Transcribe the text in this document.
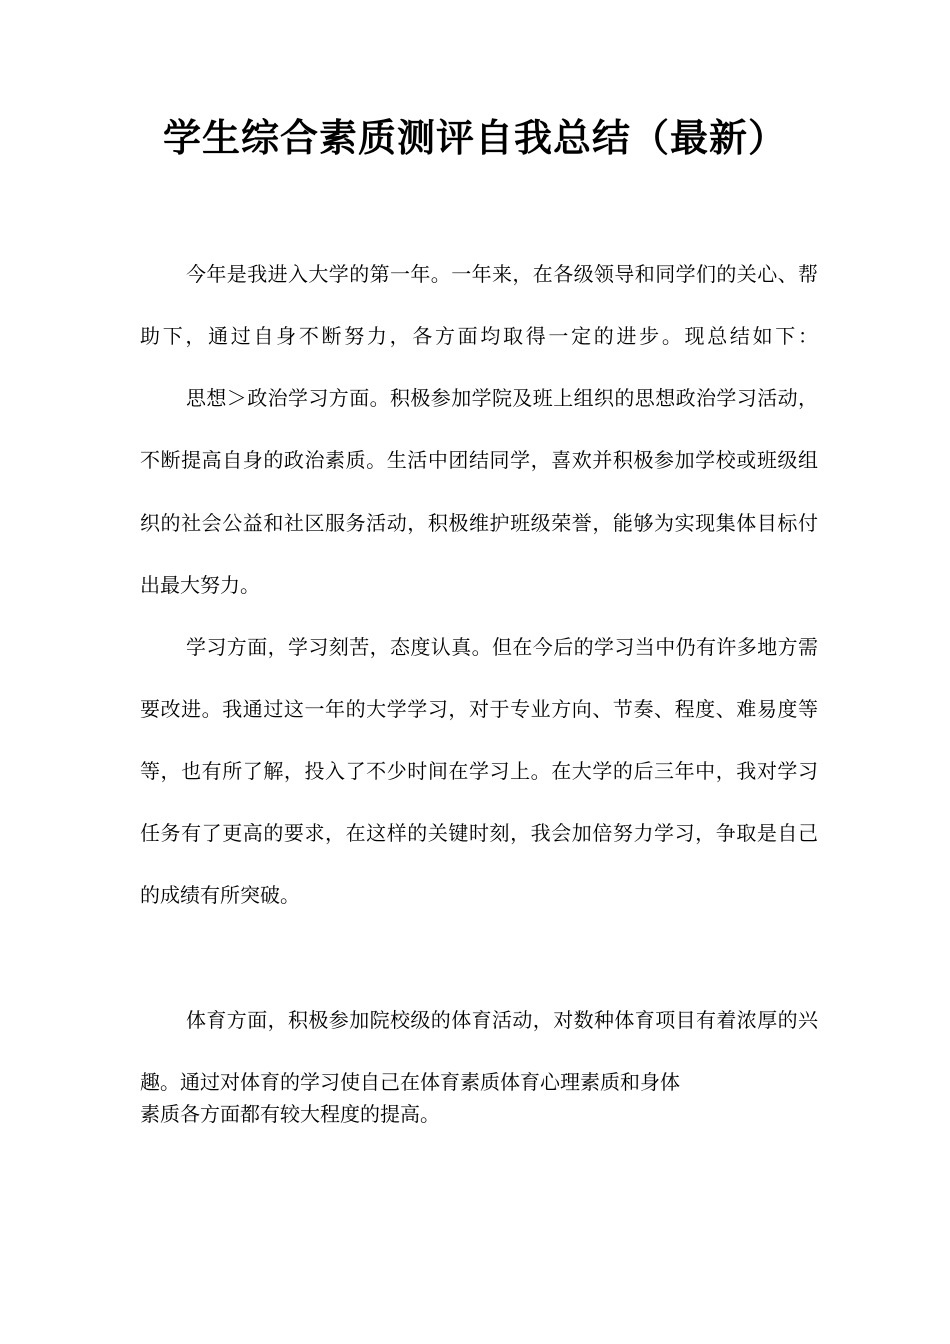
学生综合素质测评自我总结（最新）

今年是我进入大学的第一年。一年来，在各级领导和同学们的关心、帮

助下，通过自身不断努力，各方面均取得一定的进步。现总结如下：

思想＞政治学习方面。积极参加学院及班上组织的思想政治学习活动，

不断提高自身的政治素质。生活中团结同学，喜欢并积极参加学校或班级组

织的社会公益和社区服务活动，积极维护班级荣誉，能够为实现集体目标付

出最大努力。

学习方面，学习刻苦，态度认真。但在今后的学习当中仍有许多地方需

要改进。我通过这一年的大学学习，对于专业方向、节奏、程度、难易度等

等，也有所了解，投入了不少时间在学习上。在大学的后三年中，我对学习

任务有了更高的要求，在这样的关键时刻，我会加倍努力学习，争取是自己

的成绩有所突破。

体育方面，积极参加院校级的体育活动，对数种体育项目有着浓厚的兴

趣。通过对体育的学习使自己在体育素质体育心理素质和身体

素质各方面都有较大程度的提高。
